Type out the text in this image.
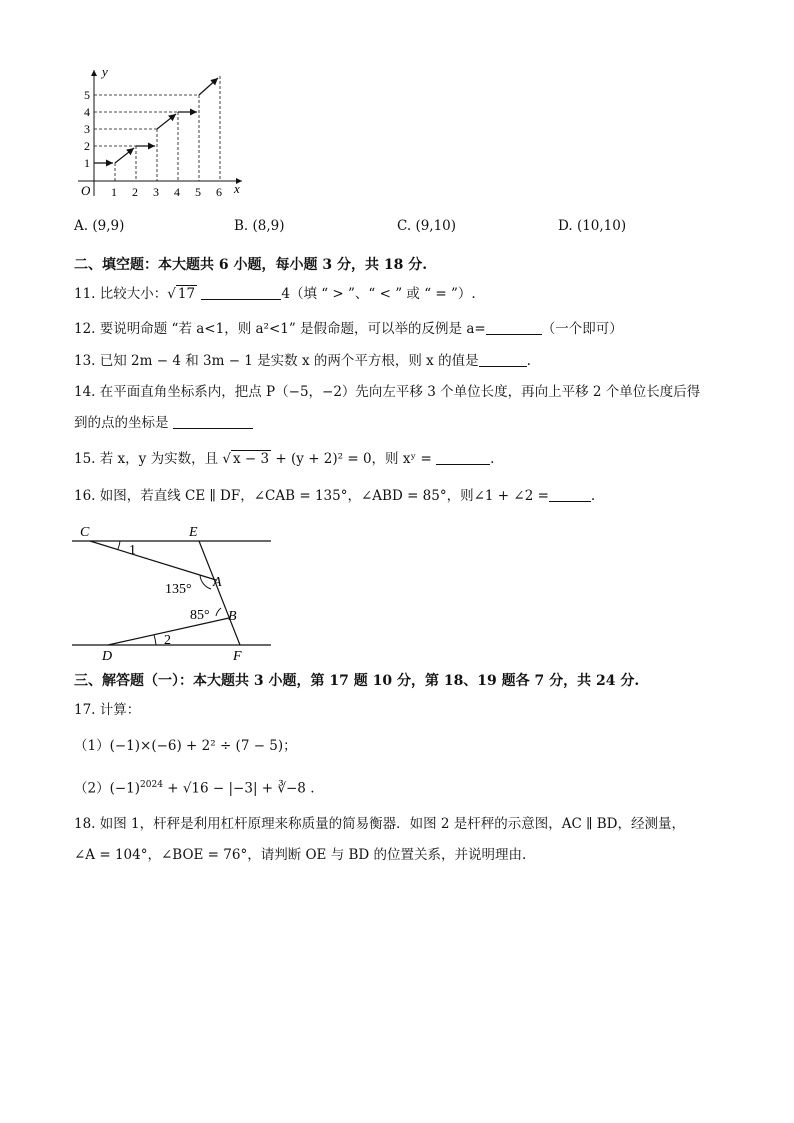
y
x
O 1 2 3 4 5 6
1
2
3
4
5
A. (9,9)	B. (8,9)	C. (9,10)	D. (10,10)
二、填空题：本大题共 6 小题，每小题 3 分，共 18 分.
11. 比较大小：√ 17	4（填 “ > ”、“ < ” 或 “ = ”）.
12. 要说明命题 “若 a<1，则 a²<1” 是假命题，可以举的反例是 a=	（一个即可）
13. 已知 2m − 4 和 3m − 1 是实数 x 的两个平方根，则 x 的值是	.
14. 在平面直角坐标系内，把点 P（−5，−2）先向左平移 3 个单位长度，再向上平移 2 个单位长度后得
到的点的坐标是
15. 若 x，y 为实数，且 √ x − 3 + (y + 2)² = 0，则 xʸ =	.
16. 如图，若直线 CE ∥ DF，∠CAB = 135°，∠ABD = 85°，则∠1 + ∠2 =	.
C	E
A
B
D	F
1
2
135°
85°
三、解答题（一）：本大题共 3 小题，第 17 题 10 分，第 18、19 题各 7 分，共 24 分.
17. 计算：
（1）(−1)×(−6) + 2² ÷ (7 − 5)；
$(2)(-1)^{2024} + √16 - |-3|$ + ∛−8 .
18. 如图 1，杆秤是利用杠杆原理来称质量的简易衡器．如图 2 是杆秤的示意图，AC ∥ BD，经测量，
∠A = 104°，∠BOE = 76°，请判断 OE 与 BD 的位置关系，并说明理由.
